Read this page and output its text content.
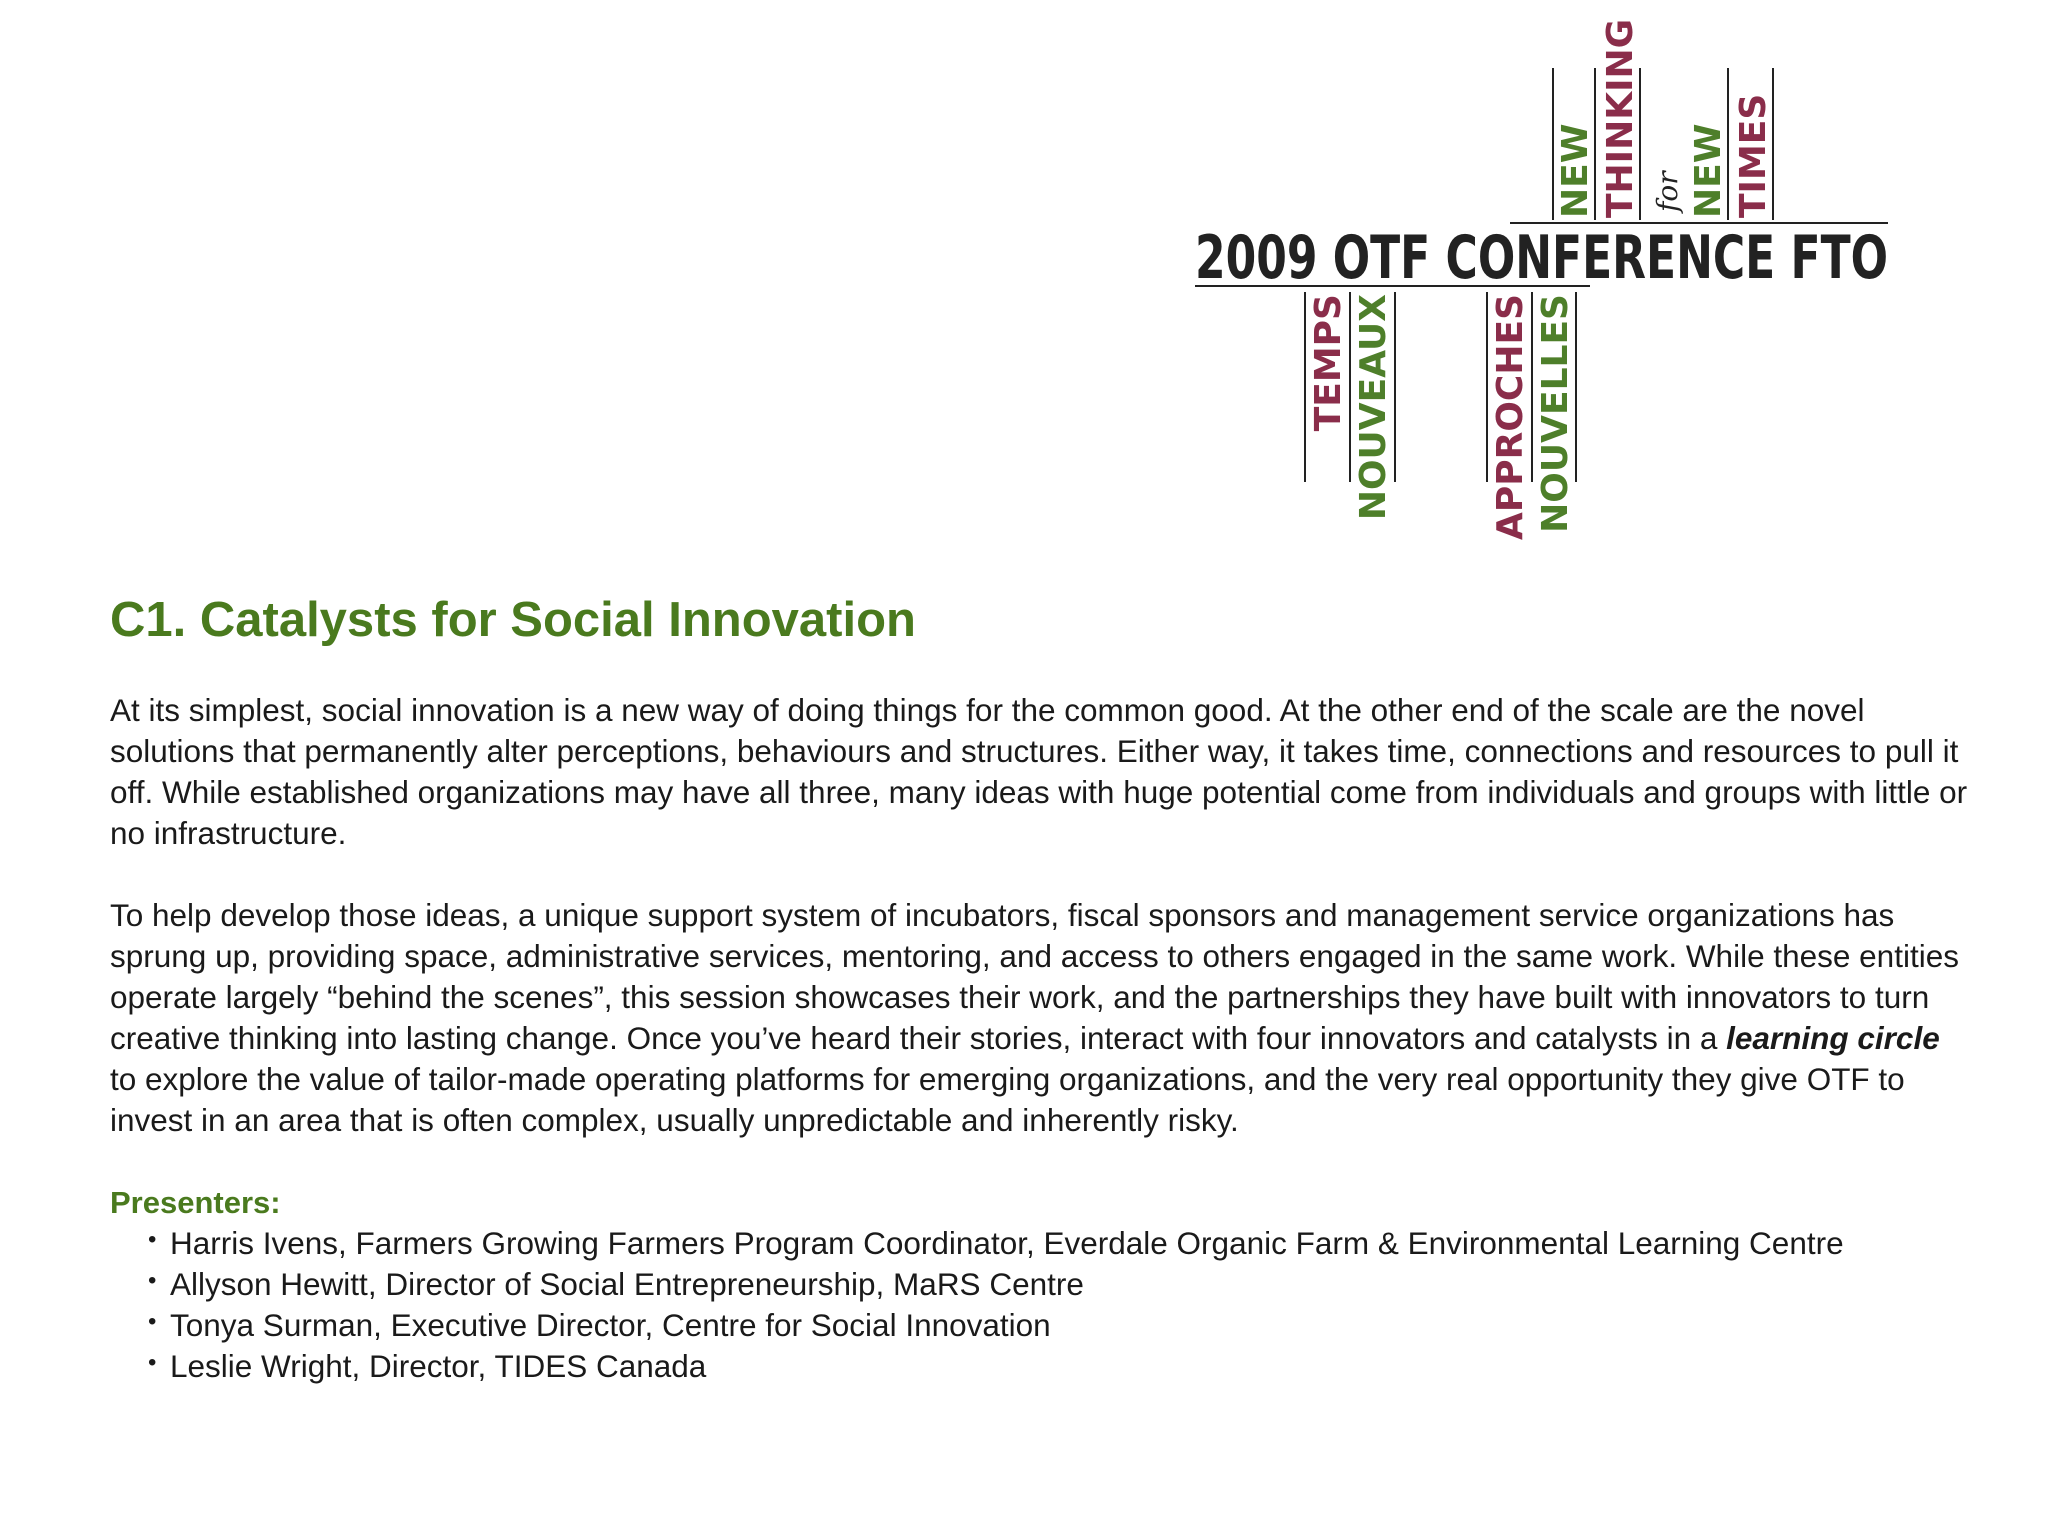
NEW THINKING for NEW TIMES
2009 OTF CONFERENCE FTO
TEMPS NOUVEAUX	APPROCHES NOUVELLES
C1. Catalysts for Social Innovation

At its simplest, social innovation is a new way of doing things for the common good. At the other end of the scale are the novel solutions that permanently alter perceptions, behaviours and structures. Either way, it takes time, connections and resources to pull it off. While established organizations may have all three, many ideas with huge potential come from individuals and groups with little or no infrastructure.

To help develop those ideas, a unique support system of incubators, fiscal sponsors and management service organizations has sprung up, providing space, administrative services, mentoring, and access to others engaged in the same work. While these entities operate largely “behind the scenes”, this session showcases their work, and the partnerships they have built with innovators to turn creative thinking into lasting change. Once you’ve heard their stories, interact with four innovators and catalysts in a learning circle to explore the value of tailor-made operating platforms for emerging organizations, and the very real opportunity they give OTF to invest in an area that is often complex, usually unpredictable and inherently risky.

Presenters:
• Harris Ivens, Farmers Growing Farmers Program Coordinator, Everdale Organic Farm & Environmental Learning Centre
• Allyson Hewitt, Director of Social Entrepreneurship, MaRS Centre
• Tonya Surman, Executive Director, Centre for Social Innovation
• Leslie Wright, Director, TIDES Canada
